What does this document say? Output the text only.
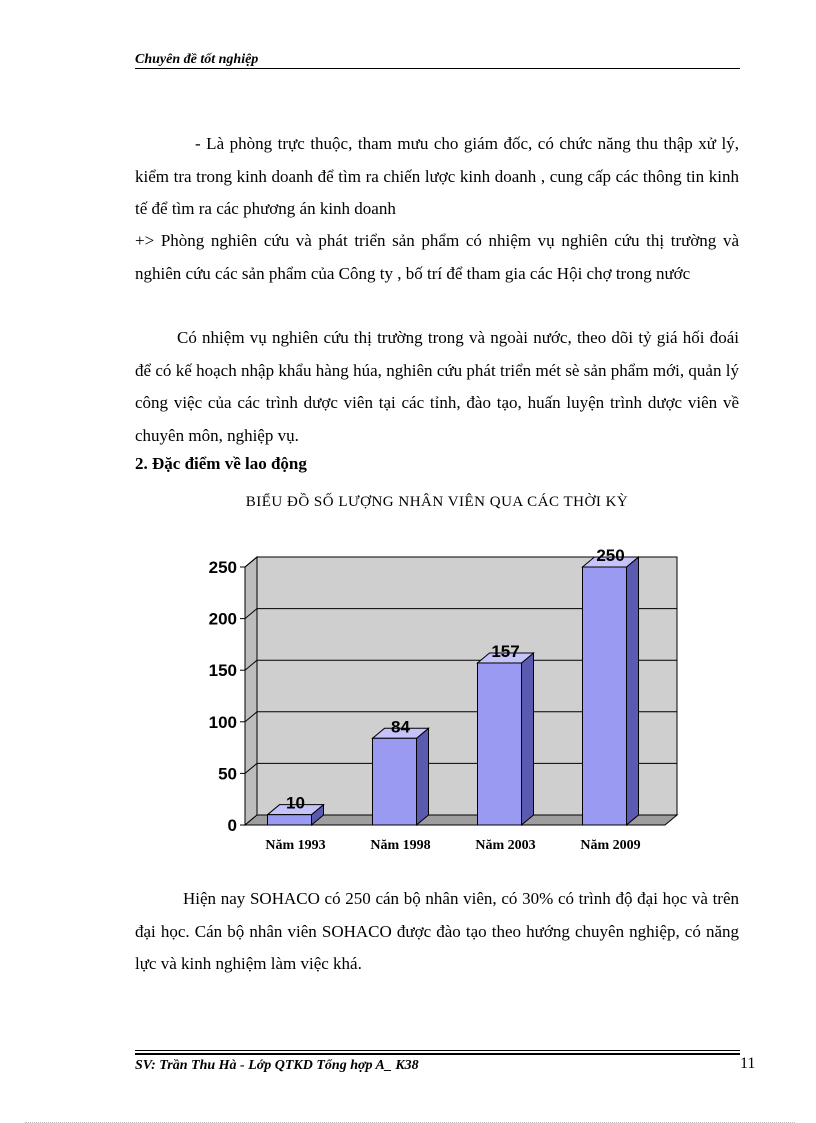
Chuyên đề tốt nghiệp

- Là phòng trực thuộc, tham mưu cho giám đốc, có chức năng thu thập xử lý, kiểm tra trong kinh doanh để tìm ra chiến lược kinh doanh , cung cấp các thông tin kinh tế để tìm ra các phương án kinh doanh

+> Phòng nghiên cứu và phát triển sản phẩm có nhiệm vụ nghiên cứu thị trường và nghiên cứu các sản phẩm của Công ty , bố trí để tham gia các Hội chợ trong nước

Có nhiệm vụ nghiên cứu thị trường trong và ngoài nước, theo dõi tỷ giá hối đoái để có kế hoạch nhập khẩu hàng húa, nghiên cứu phát triển mét sè sản phẩm mới, quản lý công việc của các trình dược viên tại các tỉnh, đào tạo, huấn luyện trình dược viên về chuyên môn, nghiệp vụ.

2. Đặc điểm về lao động

BIỂU ĐỒ SỐ LƯỢNG NHÂN VIÊN QUA CÁC THỜI KỲ

0
50
100
150
200
250
10
Năm 1993
84
Năm 1998
157
Năm 2003
250
Năm 2009

Hiện nay SOHACO có 250 cán bộ nhân viên, có 30% có trình độ đại học và trên đại học. Cán bộ nhân viên SOHACO được đào tạo theo hướng chuyên nghiệp, có năng lực và kinh nghiệm làm việc khá.

SV: Trần Thu Hà - Lớp QTKD Tổng hợp A_ K38	11
